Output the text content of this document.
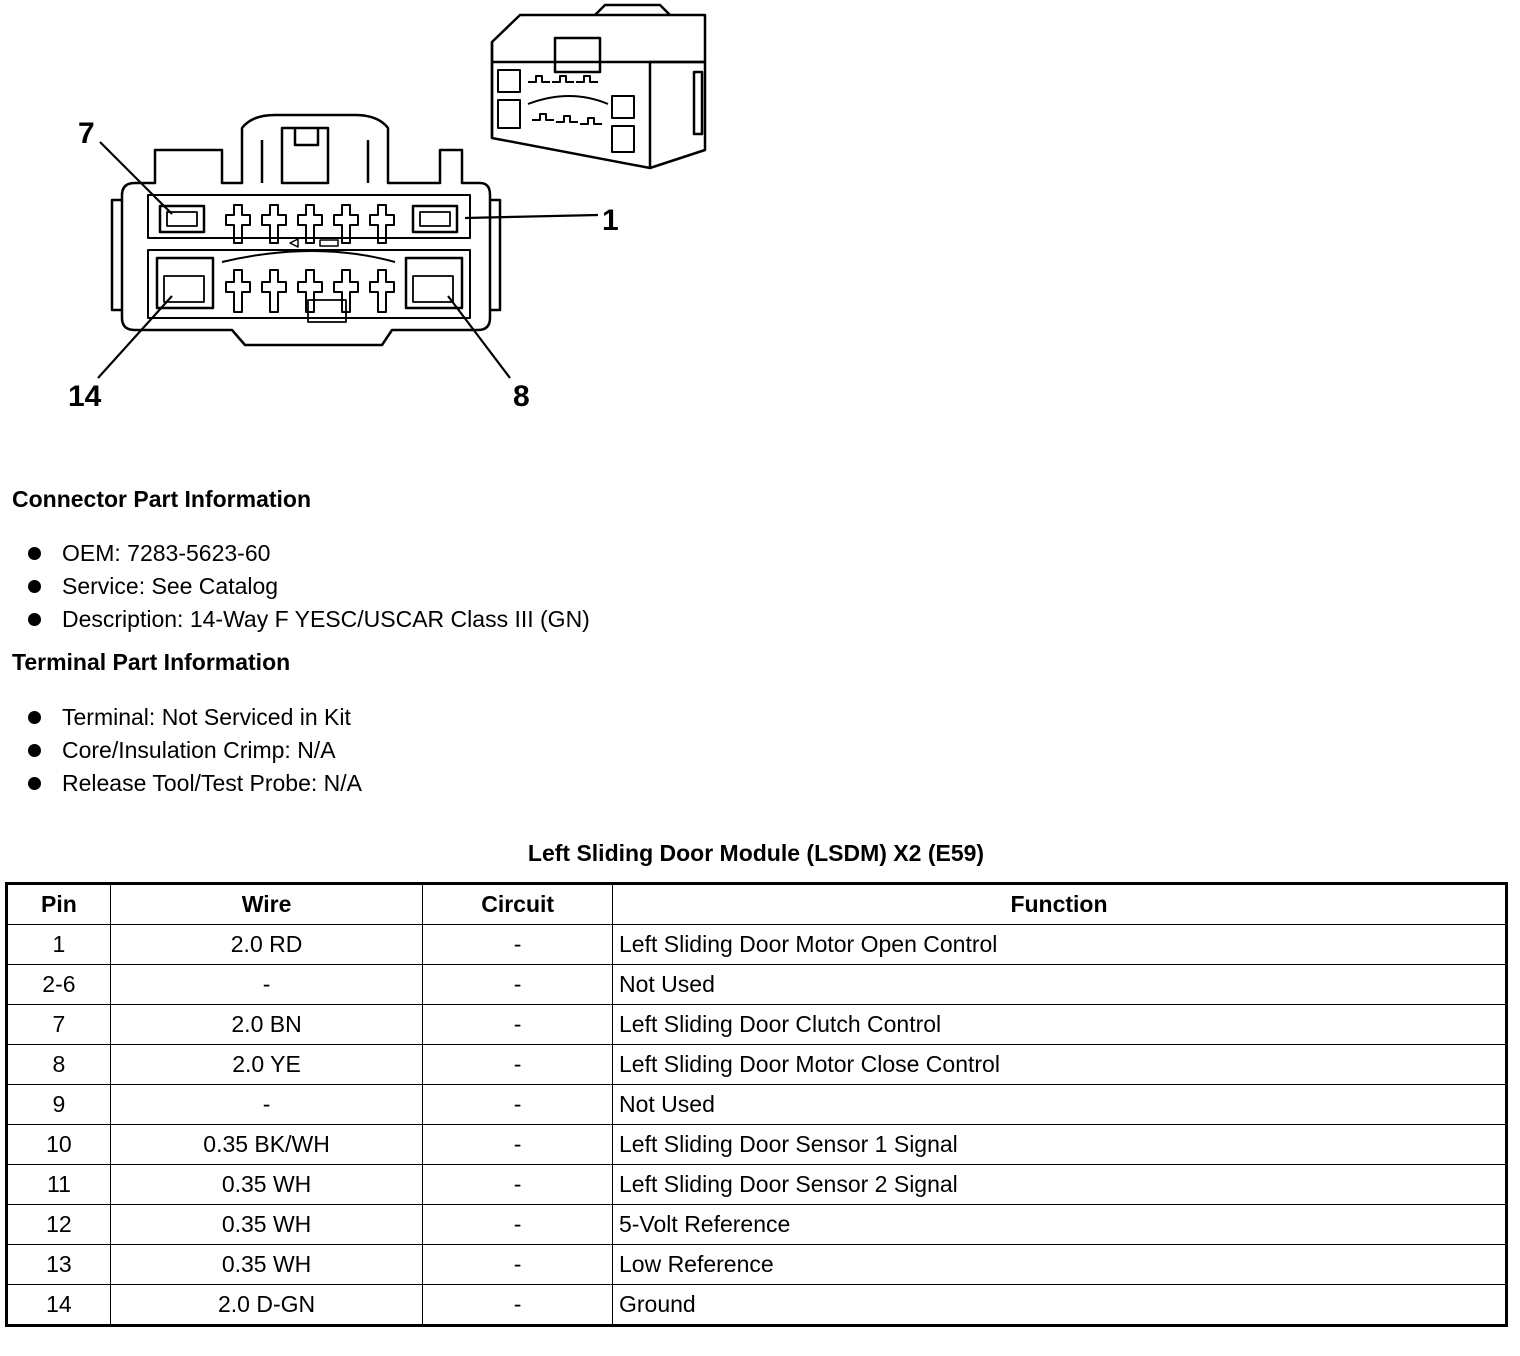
7
1
14	8
Connector Part Information
OEM: 7283-5623-60
Service: See Catalog
Description: 14-Way F YESC/USCAR Class III (GN)
Terminal Part Information
Terminal: Not Serviced in Kit
Core/Insulation Crimp: N/A
Release Tool/Test Probe: N/A
Left Sliding Door Module (LSDM) X2 (E59)
Pin	Wire	Circuit	Function
1	2.0 RD	-	Left Sliding Door Motor Open Control
2-6	-	-	Not Used
7	2.0 BN	-	Left Sliding Door Clutch Control
8	2.0 YE	-	Left Sliding Door Motor Close Control
9	-	-	Not Used
10	0.35 BK/WH	-	Left Sliding Door Sensor 1 Signal
11	0.35 WH	-	Left Sliding Door Sensor 2 Signal
12	0.35 WH	-	5-Volt Reference
13	0.35 WH	-	Low Reference
14	2.0 D-GN	-	Ground
